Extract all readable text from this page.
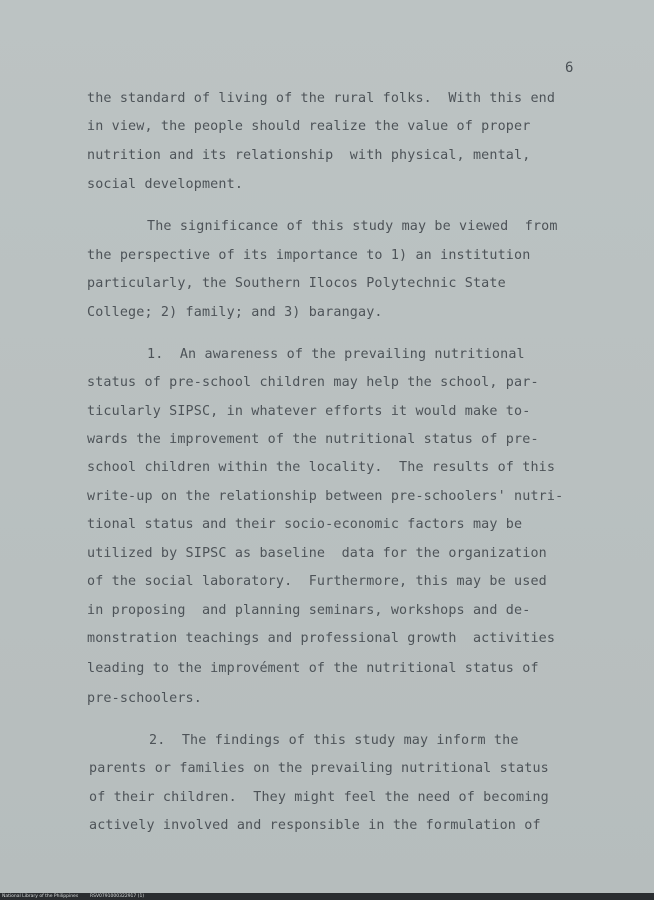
6
the standard of living of the rural folks.  With this end
in view, the people should realize the value of proper
nutrition and its relationship  with physical, mental,
social development.
The significance of this study may be viewed  from
the perspective of its importance to 1) an institution
particularly, the Southern Ilocos Polytechnic State
College; 2) family; and 3) barangay.
1.  An awareness of the prevailing nutritional
status of pre-school children may help the school, par-
ticularly SIPSC, in whatever efforts it would make to-
wards the improvement of the nutritional status of pre-
school children within the locality.  The results of this
write-up on the relationship between pre-schoolers' nutri-
tional status and their socio-economic factors may be
utilized by SIPSC as baseline  data for the organization
of the social laboratory.  Furthermore, this may be used
in proposing  and planning seminars, workshops and de-
monstration teachings and professional growth  activities
leading to the improvément of the nutritional status of
pre-schoolers.
2.  The findings of this study may inform the
parents or families on the prevailing nutritional status
of their children.  They might feel the need of becoming
actively involved and responsible in the formulation of
National Library of the Philippines	RSV0791000322917 (1)
